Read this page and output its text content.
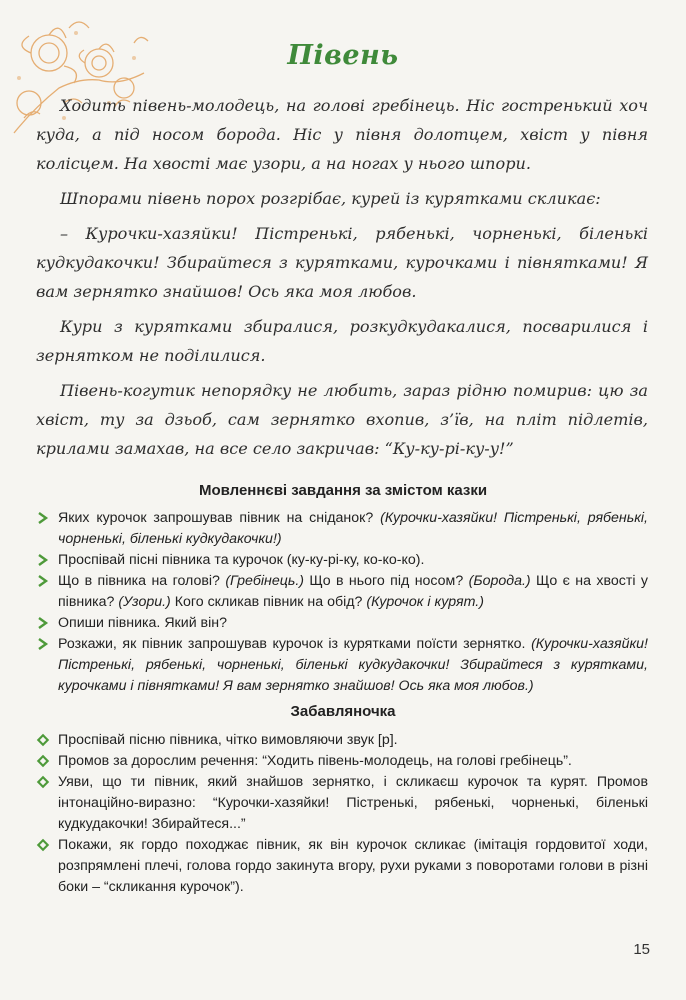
Півень

Ходить півень-молодець, на голові гребінець. Ніс гостренький хоч куда, а під носом борода. Ніс у півня долотцем, хвіст у півня колісцем. На хвості має узори, а на ногах у нього шпори.

Шпорами півень порох розгрібає, курей із курятками скликає:

– Курочки-хазяйки! Пістренькі, рябенькі, чорненькі, біленькі кудкудакочки! Збирайтеся з курятками, курочками і півнятками! Я вам зернятко знайшов! Ось яка моя любов.

Кури з курятками збиралися, розкудкудакалися, посварилися і зернятком не поділилися.

Півень-когутик непорядку не любить, зараз рідню помирив: цю за хвіст, ту за дзьоб, сам зернятко вхопив, з’їв, на пліт підлетів, крилами замахав, на все село закричав: “Ку-ку-рі-ку-у!”

Мовленнєві завдання за змістом казки
Яких курочок запрошував півник на сніданок? (Курочки-хазяйки! Пістренькі, рябенькі, чорненькі, біленькі кудкудакочки!)
Проспівай пісні півника та курочок (ку-ку-рі-ку, ко-ко-ко).
Що в півника на голові? (Гребінець.) Що в нього під носом? (Борода.) Що є на хвості у півника? (Узори.) Кого скликав півник на обід? (Курочок і курят.)
Опиши півника. Який він?
Розкажи, як півник запрошував курочок із курятками поїсти зернятко. (Курочки-хазяйки! Пістренькі, рябенькі, чорненькі, біленькі кудкудакочки! Збирайтеся з курятками, курочками і півнятками! Я вам зернятко знайшов! Ось яка моя любов.)
Забавляночка
Проспівай пісню півника, чітко вимовляючи звук [р].
Промов за дорослим речення: “Ходить півень-молодець, на голові гребінець”.
Уяви, що ти півник, який знайшов зернятко, і скликаєш курочок та курят. Промов інтонаційно-виразно: “Курочки-хазяйки! Пістренькі, рябенькі, чорненькі, біленькі кудкудакочки! Збирайтеся...”
Покажи, як гордо походжає півник, як він курочок скликає (імітація гордовитої ходи, розпрямлені плечі, голова гордо закинута вгору, рухи руками з поворотами голови в різні боки – “скликання курочок”).
15
